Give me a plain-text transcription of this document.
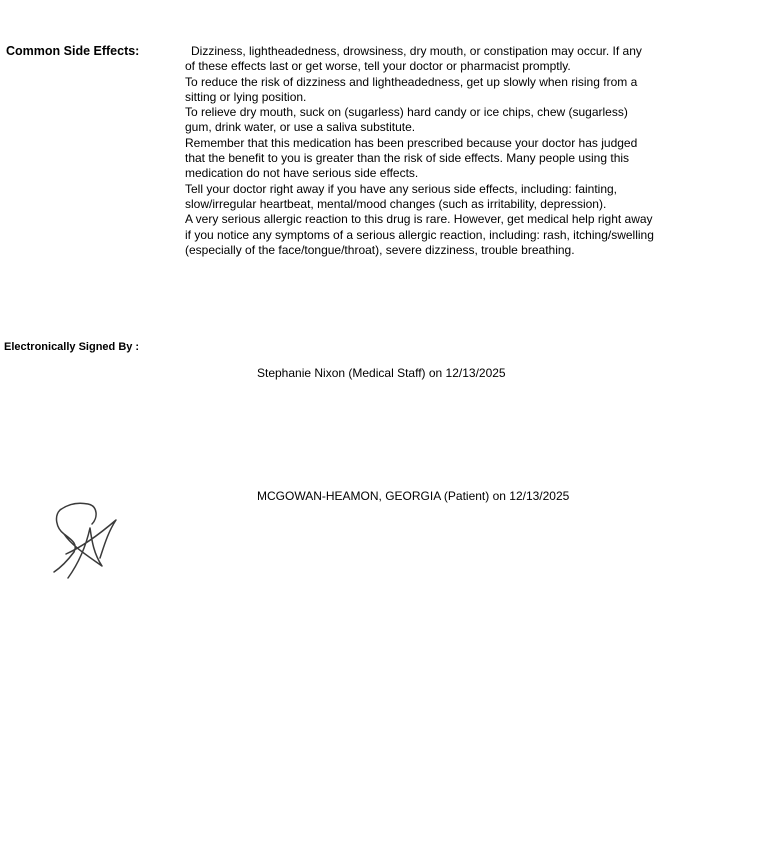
Common Side Effects:	Dizziness, lightheadedness, drowsiness, dry mouth, or constipation may occur. If any of these effects last or get worse, tell your doctor or pharmacist promptly.

To reduce the risk of dizziness and lightheadedness, get up slowly when rising from a sitting or lying position.

To relieve dry mouth, suck on (sugarless) hard candy or ice chips, chew (sugarless) gum, drink water, or use a saliva substitute.

Remember that this medication has been prescribed because your doctor has judged that the benefit to you is greater than the risk of side effects. Many people using this medication do not have serious side effects.

Tell your doctor right away if you have any serious side effects, including: fainting, slow/irregular heartbeat, mental/mood changes (such as irritability, depression).

A very serious allergic reaction to this drug is rare. However, get medical help right away if you notice any symptoms of a serious allergic reaction, including: rash, itching/swelling (especially of the face/tongue/throat), severe dizziness, trouble breathing.

Electronically Signed By :
Stephanie Nixon (Medical Staff) on 12/13/2025
MCGOWAN-HEAMON, GEORGIA (Patient) on 12/13/2025
